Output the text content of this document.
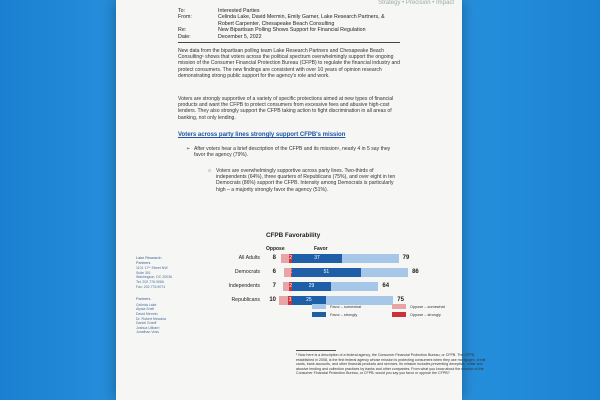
Strategy • Precision • Impact
To:	Interested Parties
From:	Celinda Lake, David Mermin, Emily Garner, Lake Research Partners, &
Robert Carpenter, Chesapeake Beach Consulting
Re:	New Bipartisan Polling Shows Support for Financial Regulation
Date:	December 5, 2022
New data from the bipartisan polling team Lake Research Partners and Chesapeake Beach Consulting¹ shows that voters across the political spectrum overwhelmingly support the ongoing mission of the Consumer Financial Protection Bureau (CFPB) to regulate the financial industry and protect consumers. The new findings are consistent with over 10 years of opinion research demonstrating strong public support for the agency's role and work.
Voters are strongly supportive of a variety of specific protections aimed at new types of financial products and want the CFPB to protect consumers from excessive fees and abusive high-cost lenders. They also strongly support the CFPB taking action to fight discrimination in all areas of banking, not only lending.
Voters across party lines strongly support CFPB's mission
➢ After voters hear a brief description of the CFPB and its mission¹, nearly 4 in 5 say they favor the agency (79%).
○ Voters are overwhelmingly supportive across party lines. Two-thirds of independents (64%), three quarters of Republicans (75%), and over eight in ten Democrats (86%) support the CFPB. Intensity among Democrats is particularly high – a majority strongly favor the agency (51%).
Lake Research Partners
1101 17ᵗʰ Street NW
Suite 301
Washington, DC 20036
Tel: 202.776.9066
Fax: 202.776.9074
Partners
Celinda Lake
Alysia Snell
David Mermin
Dr. Robert Meadow
Daniel Gotoff
Joshua Ulibarri
Jonathan Voss
CFPB Favorability
Oppose	Favor
All Adults	8	2	37	79
Democrats	6	51	86
Independents	7	2	29	64
Republicans	10	3	25	75
Favor – somewhat
Favor – strongly
Oppose – somewhat
Oppose – strongly
¹ Now here is a description of a federal agency, the Consumer Financial Protection Bureau, or CFPB. The CFPB, established in 2008, is the first federal agency whose mission is protecting consumers when they use mortgages, credit cards, bank accounts, and other financial products and services. Its mission includes preventing deceptive, unfair and abusive lending and collection practices by banks and other companies. From what you know about the mission of the Consumer Financial Protection Bureau, or CFPB, would you say you favor or oppose the CFPB?
